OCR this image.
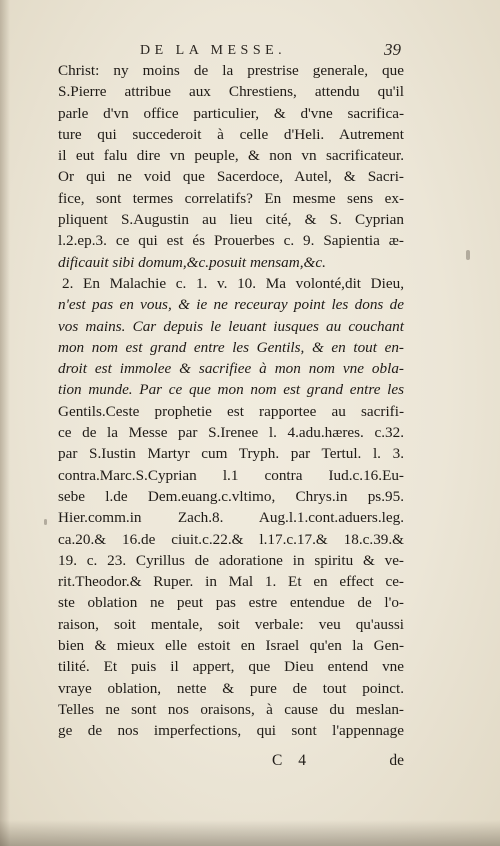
DE LA MESSE.	39
Christ: ny moins de la prestrise generale, que
S.Pierre attribue aux Chrestiens, attendu qu'il
parle d'vn office particulier, & d'vne sacrifica-
ture qui succederoit à celle d'Heli. Autrement
il eut falu dire vn peuple, & non vn sacrificateur.
Or qui ne void que Sacerdoce, Autel, & Sacri-
fice, sont termes correlatifs? En mesme sens ex-
pliquent S.Augustin au lieu cité, & S. Cyprian
l.2.ep.3. ce qui est és Prouerbes c. 9. Sapientia æ-
dificauit sibi domum,&c.posuit mensam,&c.
2. En Malachie c. 1. v. 10. Ma volonté,dit Dieu,
n'est pas en vous, & ie ne receuray point les dons de
vos mains. Car depuis le leuant iusques au couchant
mon nom est grand entre les Gentils, & en tout en-
droit est immolee & sacrifiee à mon nom vne obla-
tion munde. Par ce que mon nom est grand entre les
Gentils.Ceste prophetie est rapportee au sacrifi-
ce de la Messe par S.Irenee l. 4.adu.hæres. c.32.
par S.Iustin Martyr cum Tryph. par Tertul. l. 3.
contra.Marc.S.Cyprian l.1 contra Iud.c.16.Eu-
sebe l.de Dem.euang.c.vltimo, Chrys.in ps.95.
Hier.comm.in Zach.8. Aug.l.1.cont.aduers.leg.
ca.20.& 16.de ciuit.c.22.& l.17.c.17.& 18.c.39.&
19. c. 23. Cyrillus de adoratione in spiritu & ve-
rit.Theodor.& Ruper. in Mal 1. Et en effect ce-
ste oblation ne peut pas estre entendue de l'o-
raison, soit mentale, soit verbale: veu qu'aussi
bien & mieux elle estoit en Israel qu'en la Gen-
tilité. Et puis il appert, que Dieu entend vne
vraye oblation, nette & pure de tout poinct.
Telles ne sont nos oraisons, à cause du meslan-
ge de nos imperfections, qui sont l'appennage
C 4	de
